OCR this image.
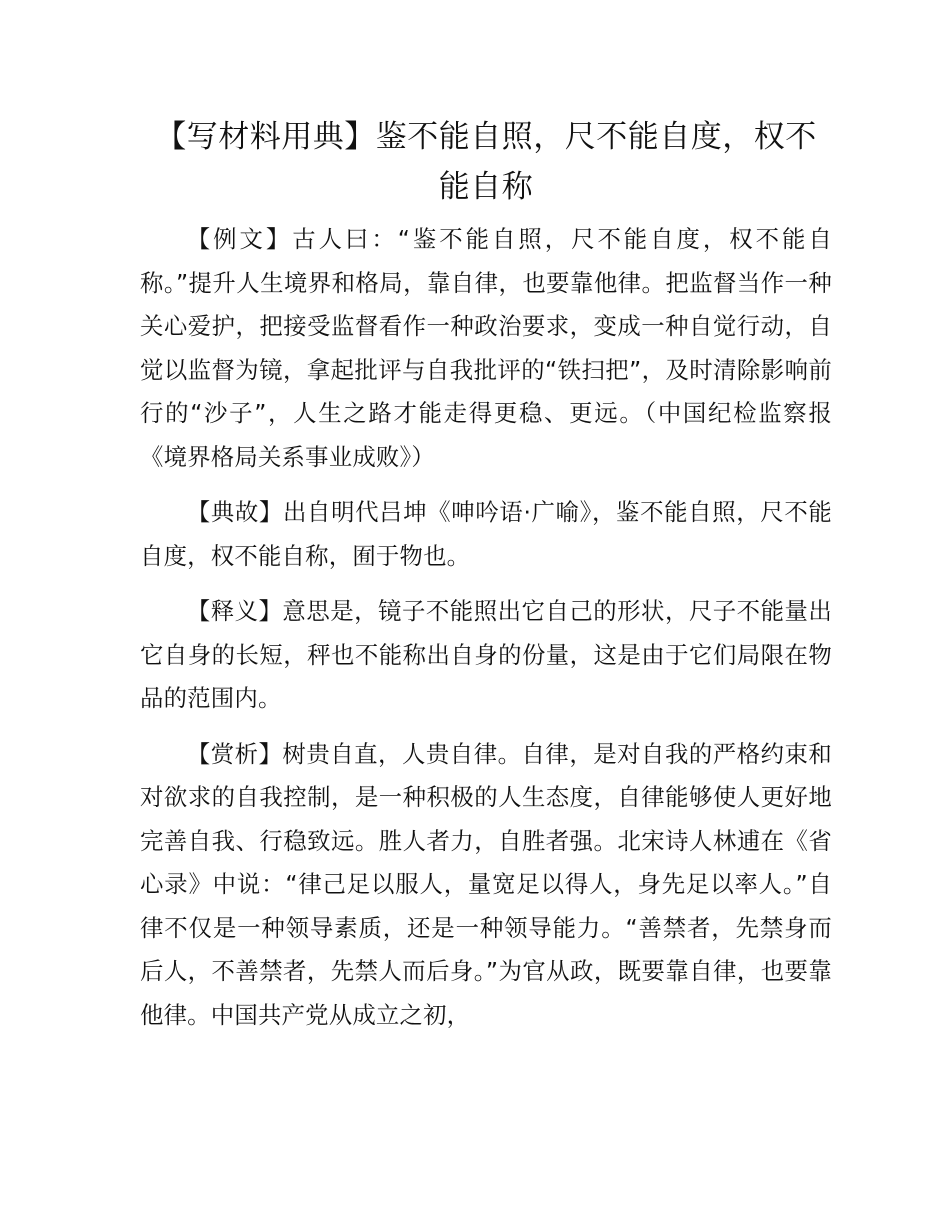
【写材料用典】鉴不能自照，尺不能自度，权不能自称

【例文】古人曰：“鉴不能自照，尺不能自度，权不能自称。”提升人生境界和格局，靠自律，也要靠他律。把监督当作一种关心爱护，把接受监督看作一种政治要求，变成一种自觉行动，自觉以监督为镜，拿起批评与自我批评的“铁扫把”，及时清除影响前行的“沙子”，人生之路才能走得更稳、更远。（中国纪检监察报《境界格局关系事业成败》）

【典故】出自明代吕坤《呻吟语·广喻》，鉴不能自照，尺不能自度，权不能自称，囿于物也。

【释义】意思是，镜子不能照出它自己的形状，尺子不能量出它自身的长短，秤也不能称出自身的份量，这是由于它们局限在物品的范围内。

【赏析】树贵自直，人贵自律。自律，是对自我的严格约束和对欲求的自我控制，是一种积极的人生态度，自律能够使人更好地完善自我、行稳致远。胜人者力，自胜者强。北宋诗人林逋在《省心录》中说：“律己足以服人，量宽足以得人，身先足以率人。”自律不仅是一种领导素质，还是一种领导能力。“善禁者，先禁身而后人，不善禁者，先禁人而后身。”为官从政，既要靠自律，也要靠他律。中国共产党从成立之初，
